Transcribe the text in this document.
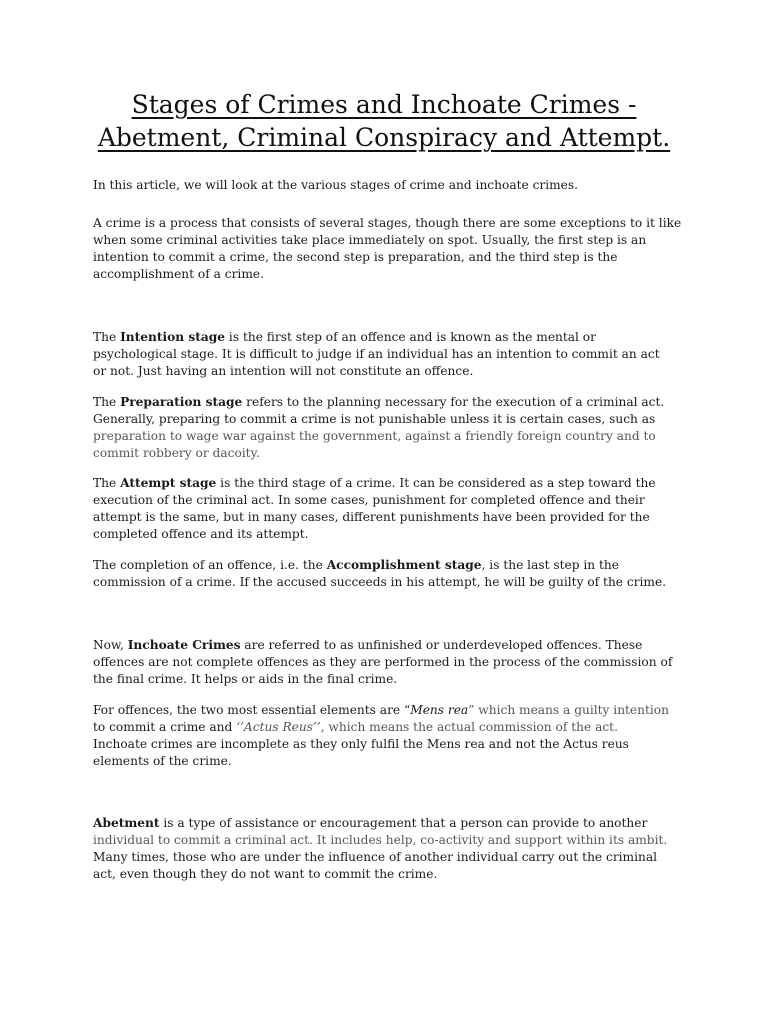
Stages of Crimes and Inchoate Crimes -
Abetment, Criminal Conspiracy and Attempt.

In this article, we will look at the various stages of crime and inchoate crimes.

A crime is a process that consists of several stages, though there are some exceptions to it like
when some criminal activities take place immediately on spot. Usually, the first step is an
intention to commit a crime, the second step is preparation, and the third step is the
accomplishment of a crime.

The Intention stage is the first step of an offence and is known as the mental or
psychological stage. It is difficult to judge if an individual has an intention to commit an act
or not. Just having an intention will not constitute an offence.

The Preparation stage refers to the planning necessary for the execution of a criminal act.
Generally, preparing to commit a crime is not punishable unless it is certain cases, such as
preparation to wage war against the government, against a friendly foreign country and to
commit robbery or dacoity.

The Attempt stage is the third stage of a crime. It can be considered as a step toward the
execution of the criminal act. In some cases, punishment for completed offence and their
attempt is the same, but in many cases, different punishments have been provided for the
completed offence and its attempt.

The completion of an offence, i.e. the Accomplishment stage, is the last step in the
commission of a crime. If the accused succeeds in his attempt, he will be guilty of the crime.

Now, Inchoate Crimes are referred to as unfinished or underdeveloped offences. These
offences are not complete offences as they are performed in the process of the commission of
the final crime. It helps or aids in the final crime.

For offences, the two most essential elements are “Mens rea” which means a guilty intention
to commit a crime and ‘’Actus Reus’’, which means the actual commission of the act.
Inchoate crimes are incomplete as they only fulfil the Mens rea and not the Actus reus
elements of the crime.

Abetment is a type of assistance or encouragement that a person can provide to another
individual to commit a criminal act. It includes help, co-activity and support within its ambit.
Many times, those who are under the influence of another individual carry out the criminal
act, even though they do not want to commit the crime.
